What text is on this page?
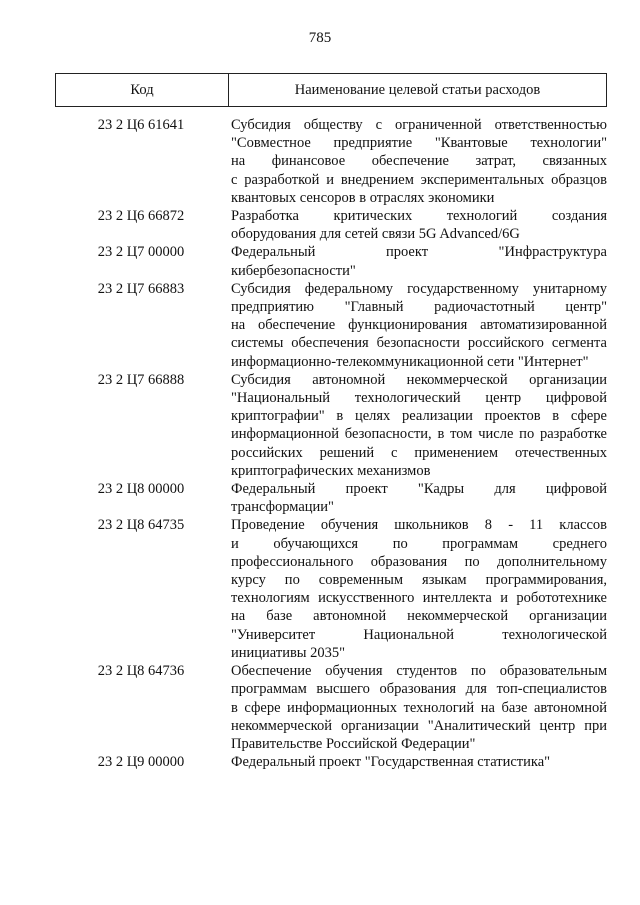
785
Код	Наименование целевой статьи расходов
23 2 Ц6 61641	Субсидия обществу с ограниченной ответственностью
"Совместное предприятие "Квантовые технологии"
на финансовое обеспечение затрат, связанных
с разработкой и внедрением экспериментальных образцов
квантовых сенсоров в отраслях экономики
23 2 Ц6 66872	Разработка критических технологий создания
оборудования для сетей связи 5G Advanced/6G
23 2 Ц7 00000	Федеральный проект "Инфраструктура
кибербезопасности"
23 2 Ц7 66883	Субсидия федеральному государственному унитарному
предприятию "Главный радиочастотный центр"
на обеспечение функционирования автоматизированной
системы обеспечения безопасности российского сегмента
информационно-телекоммуникационной сети "Интернет"
23 2 Ц7 66888	Субсидия автономной некоммерческой организации
"Национальный технологический центр цифровой
криптографии" в целях реализации проектов в сфере
информационной безопасности, в том числе по разработке
российских решений с применением отечественных
криптографических механизмов
23 2 Ц8 00000	Федеральный проект "Кадры для цифровой
трансформации"
23 2 Ц8 64735	Проведение обучения школьников 8 - 11 классов
и обучающихся по программам среднего
профессионального образования по дополнительному
курсу по современным языкам программирования,
технологиям искусственного интеллекта и робототехнике
на базе автономной некоммерческой организации
"Университет Национальной технологической
инициативы 2035"
23 2 Ц8 64736	Обеспечение обучения студентов по образовательным
программам высшего образования для топ-специалистов
в сфере информационных технологий на базе автономной
некоммерческой организации "Аналитический центр при
Правительстве Российской Федерации"
23 2 Ц9 00000	Федеральный проект "Государственная статистика"
